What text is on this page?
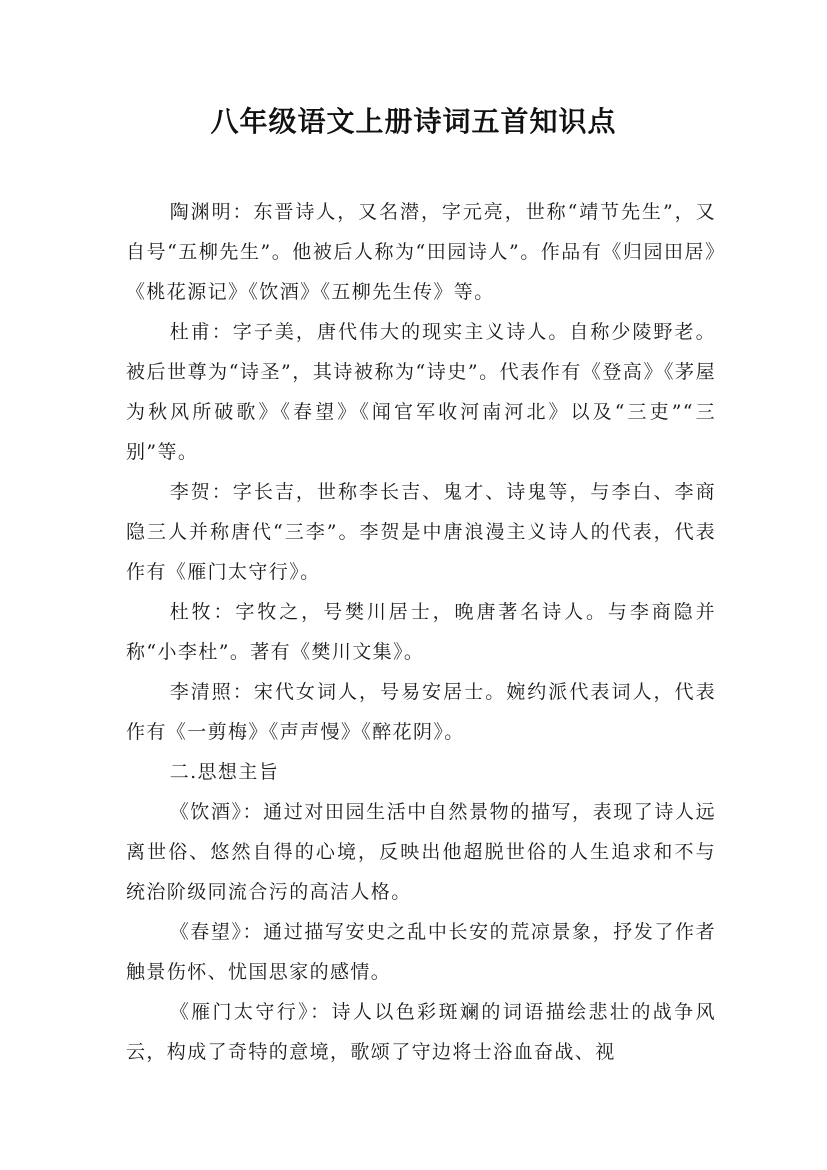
八年级语文上册诗词五首知识点

陶渊明：东晋诗人，又名潜，字元亮，世称“靖节先生”，又自号“五柳先生”。他被后人称为“田园诗人”。作品有《归园田居》《桃花源记》《饮酒》《五柳先生传》等。

杜甫：字子美，唐代伟大的现实主义诗人。自称少陵野老。被后世尊为“诗圣”，其诗被称为“诗史”。代表作有《登高》《茅屋为秋风所破歌》《春望》《闻官军收河南河北》以及“三吏”“三别”等。

李贺：字长吉，世称李长吉、鬼才、诗鬼等，与李白、李商隐三人并称唐代“三李”。李贺是中唐浪漫主义诗人的代表，代表作有《雁门太守行》。

杜牧：字牧之，号樊川居士，晚唐著名诗人。与李商隐并称“小李杜”。著有《樊川文集》。

李清照：宋代女词人，号易安居士。婉约派代表词人，代表作有《一剪梅》《声声慢》《醉花阴》。

二.思想主旨

《饮酒》：通过对田园生活中自然景物的描写，表现了诗人远离世俗、悠然自得的心境，反映出他超脱世俗的人生追求和不与统治阶级同流合污的高洁人格。

《春望》：通过描写安史之乱中长安的荒凉景象，抒发了作者触景伤怀、忧国思家的感情。

《雁门太守行》：诗人以色彩斑斓的词语描绘悲壮的战争风云，构成了奇特的意境，歌颂了守边将士浴血奋战、视
